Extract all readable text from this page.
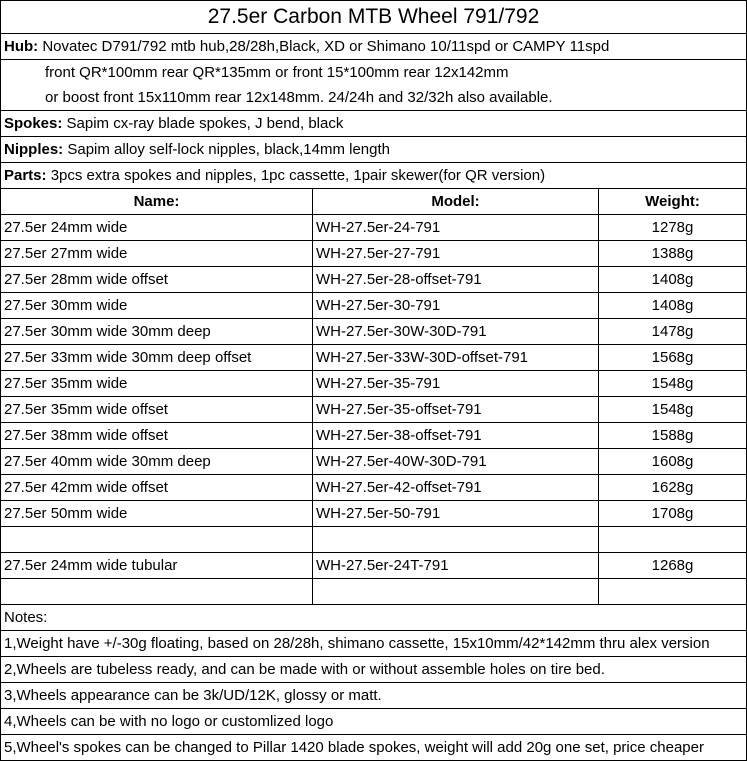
27.5er Carbon MTB Wheel 791/792		
Hub: Novatec D791/792 mtb hub,28/28h,Black, XD or Shimano 10/11spd or CAMPY 11spd		
front QR*100mm rear QR*135mm or front 15*100mm rear 12x142mm		
or boost front 15x110mm rear 12x148mm. 24/24h and 32/32h also available.		
Spokes: Sapim cx-ray blade spokes, J bend, black		
Nipples: Sapim alloy self-lock nipples, black,14mm length		
Parts: 3pcs extra spokes and nipples, 1pc cassette, 1pair skewer(for QR version)		
Name:	Model:	Weight:
27.5er 24mm wide	WH-27.5er-24-791	1278g
27.5er 27mm wide	WH-27.5er-27-791	1388g
27.5er 28mm wide offset	WH-27.5er-28-offset-791	1408g
27.5er 30mm wide	WH-27.5er-30-791	1408g
27.5er 30mm wide 30mm deep	WH-27.5er-30W-30D-791	1478g
27.5er 33mm wide 30mm deep offset	WH-27.5er-33W-30D-offset-791	1568g
27.5er 35mm wide	WH-27.5er-35-791	1548g
27.5er 35mm wide offset	WH-27.5er-35-offset-791	1548g
27.5er 38mm wide offset	WH-27.5er-38-offset-791	1588g
27.5er 40mm wide 30mm deep	WH-27.5er-40W-30D-791	1608g
27.5er 42mm wide offset	WH-27.5er-42-offset-791	1628g
27.5er 50mm wide	WH-27.5er-50-791	1708g

27.5er 24mm wide tubular	WH-27.5er-24T-791	1268g

Notes:		
1,Weight have +/-30g floating, based on 28/28h, shimano cassette, 15x10mm/42*142mm thru alex version		
2,Wheels are tubeless ready, and can be made with or without assemble holes on tire bed.		
3,Wheels appearance can be 3k/UD/12K, glossy or matt.		
4,Wheels can be with no logo or customlized logo		
5,Wheel's spokes can be changed to Pillar 1420 blade spokes, weight will add 20g one set, price cheaper		
